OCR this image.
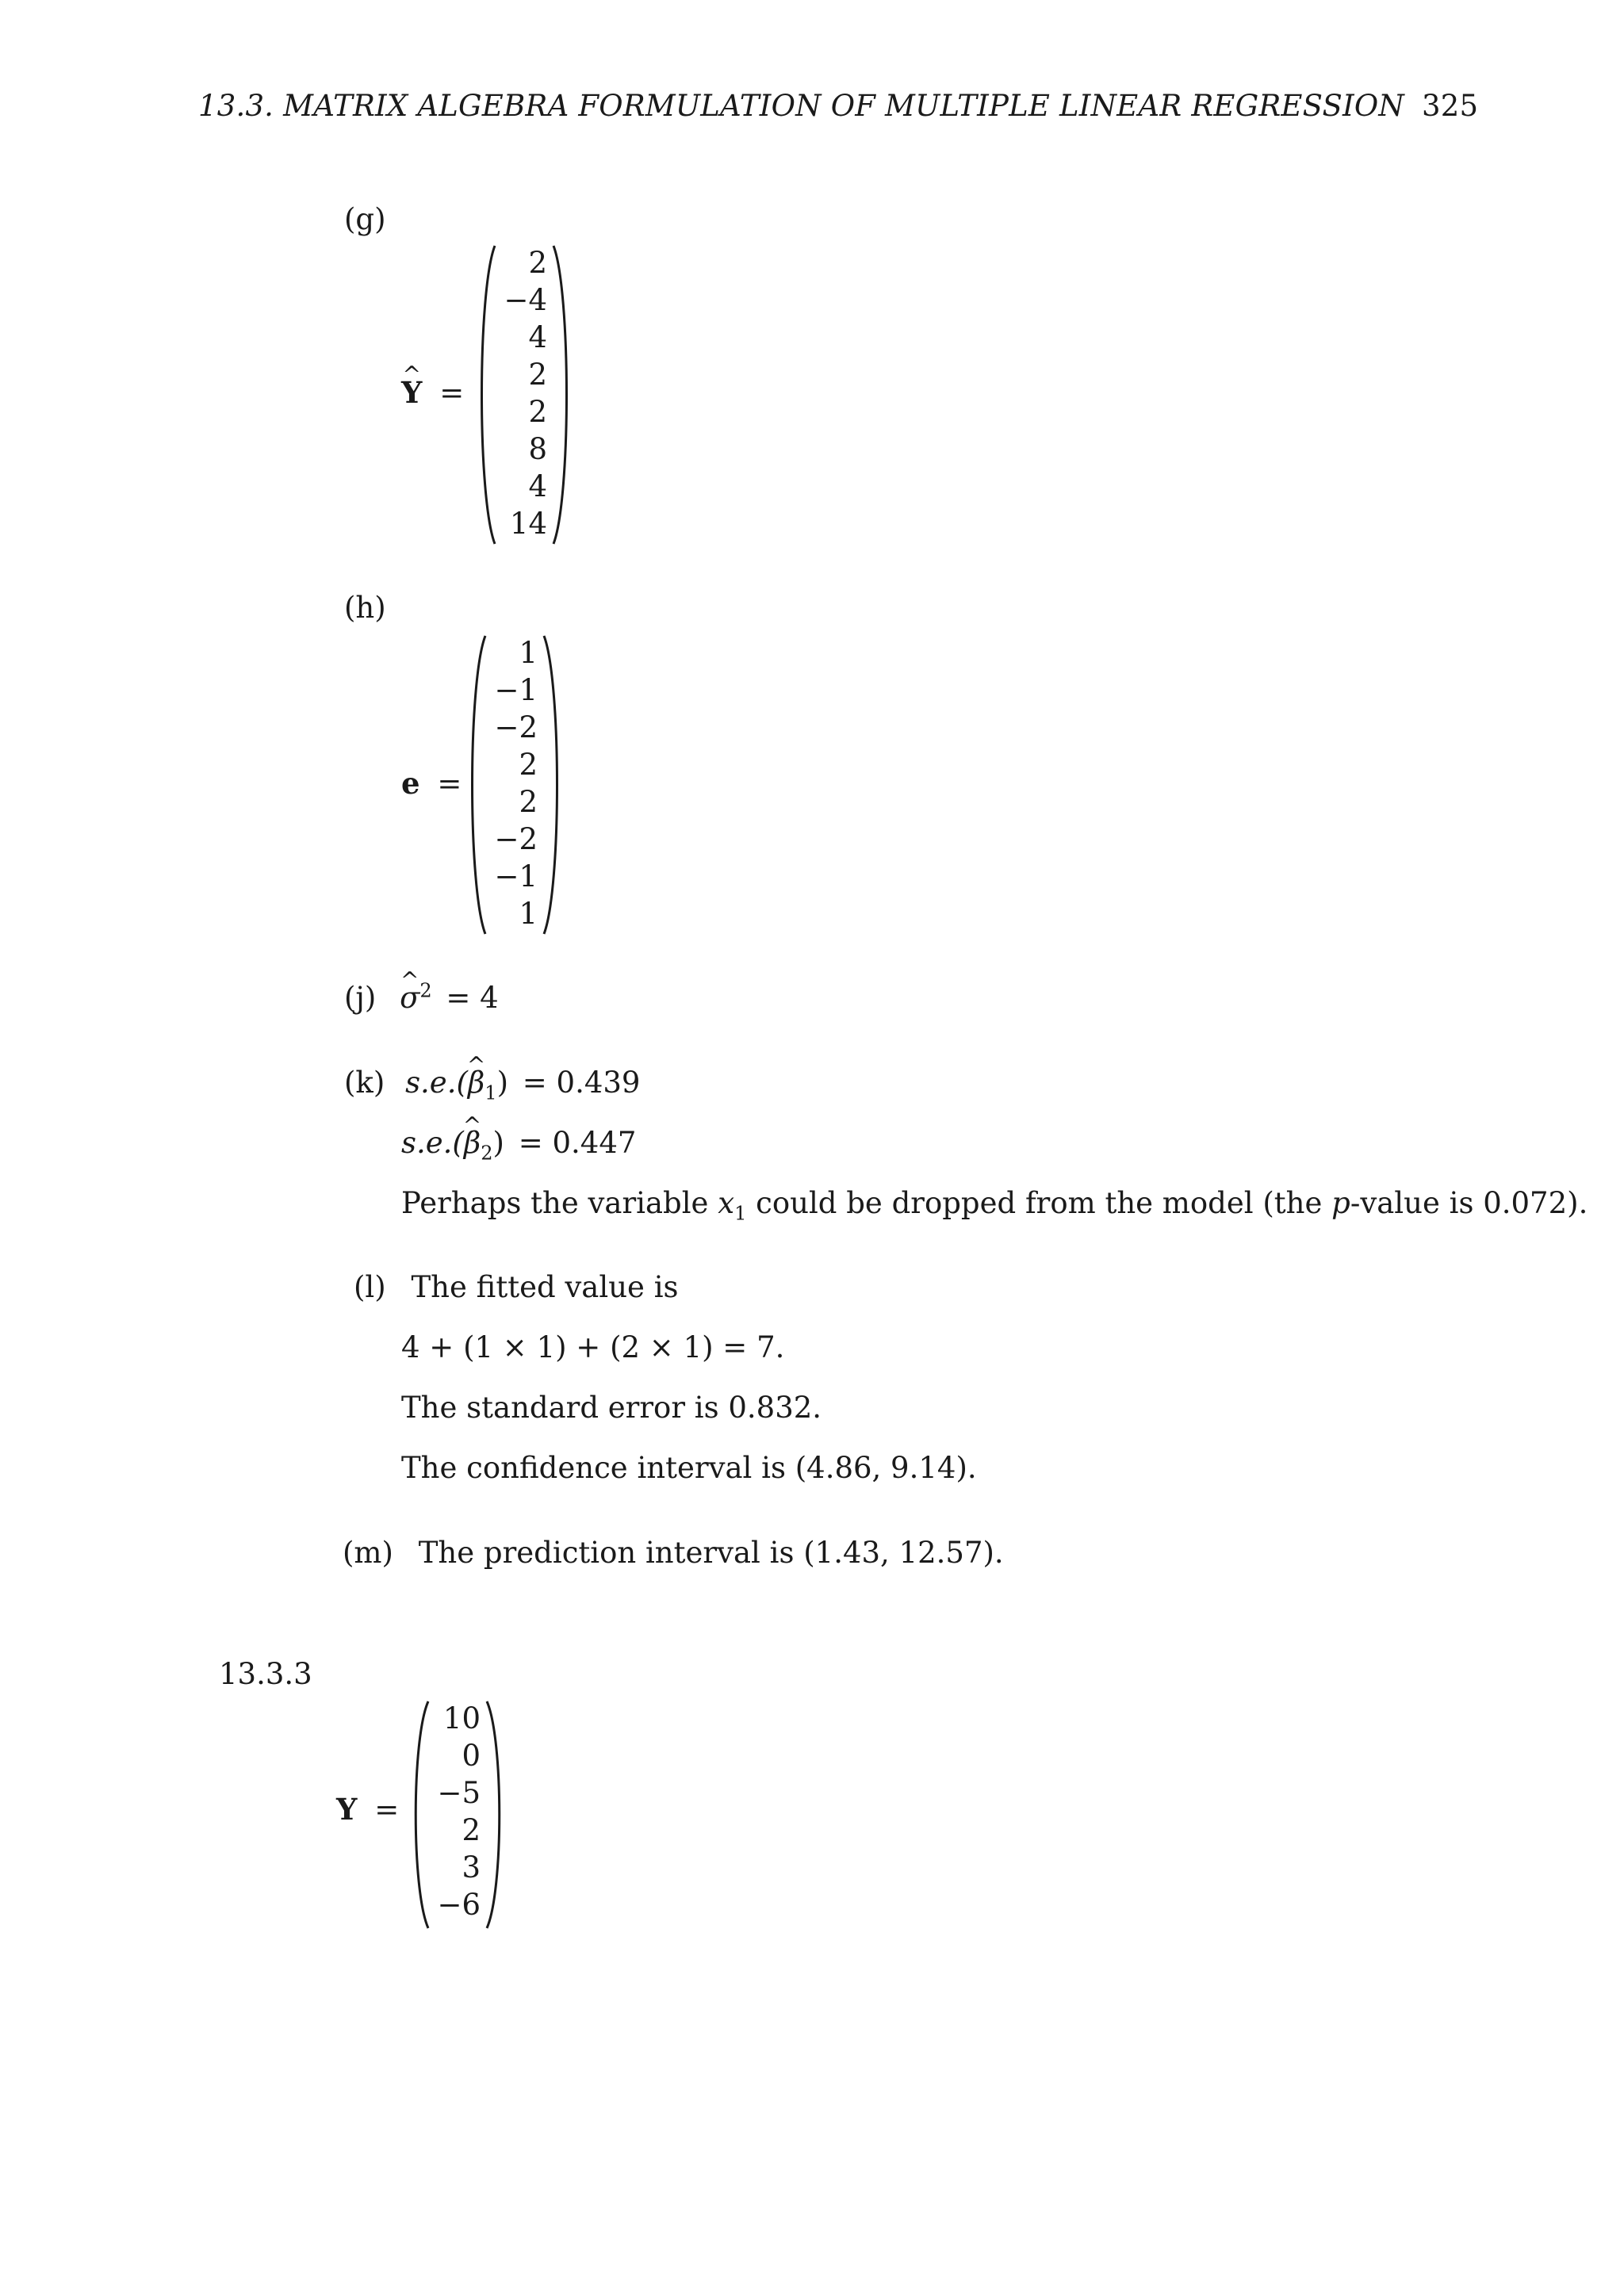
13.3. MATRIX ALGEBRA FORMULATION OF MULTIPLE LINEAR REGRESSION 325
(g)
^ Y =
2
−4
4
2
2
8
4
14
(h)
e =
1
−1
−2
2
2
−2
−1
1
(j) ^ $\sigma^2 = 4$
(k) s.e.(^ $\beta_1) = 0.439$
s.e.(^ $\beta_2) = 0.447$
Perhaps the variable $x_1$ could be dropped from the model (the p-value is 0.072).
(l) The fitted value is
4 + (1 × 1) + (2 × 1) = 7.
The standard error is 0.832.
The confidence interval is (4.86, 9.14).
(m) The prediction interval is (1.43, 12.57).
13.3.3
Y =
10
0
−5
2
3
−6
